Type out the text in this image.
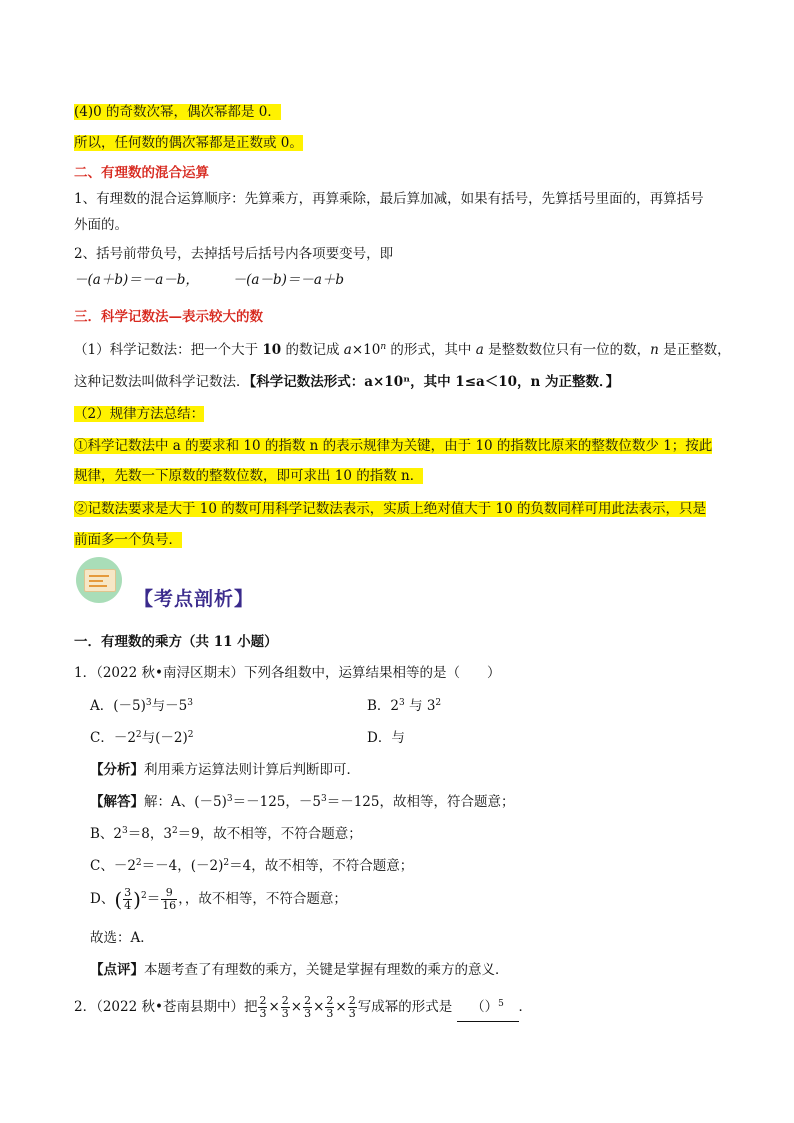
(4)0 的奇数次幂，偶次幂都是 0．
所以，任何数的偶次幂都是正数或 0。
二、有理数的混合运算
1、有理数的混合运算顺序：先算乘方，再算乘除，最后算加减，如果有括号，先算括号里面的，再算括号
外面的。
2、括号前带负号，去掉括号后括号内各项要变号，即
－(a＋b)＝－a－b，　　　－(a－b)＝－a＋b
三．科学记数法—表示较大的数
（1）科学记数法：把一个大于 10 的数记成 $a\times 10^n$ 的形式，其中 a 是整数数位只有一位的数，n 是正整数，
这种记数法叫做科学记数法．【科学记数法形式：a×10ⁿ，其中 1≤a＜10，n 为正整数．】
（2）规律方法总结：
①科学记数法中 a 的要求和 10 的指数 n 的表示规律为关键，由于 10 的指数比原来的整数位数少 1；按此
规律，先数一下原数的整数位数，即可求出 10 的指数 n．
②记数法要求是大于 10 的数可用科学记数法表示，实质上绝对值大于 10 的负数同样可用此法表示，只是
前面多一个负号．
【考点剖析】
一．有理数的乘方（共 11 小题）
1．（2022 秋•南浔区期末）下列各组数中，运算结果相等的是（　　）
A．$(-5)^3$与$-5^3$	B．$2^3$ 与 $3^2$
C．$-2^2$与$(-2)^2$	D．与
【分析】利用乘方运算法则计算后判断即可．
【解答】解：A、$(-5)^3=-125$，$-5^3=-125$，故相等，符合题意；
B、$2^3=8$，$3^2=9$，故不相等，不符合题意；
C、$-2^2=-4$，$(-2)^2=4$，故不相等，不符合题意；
D、( $\frac{3}{4} )^2= \frac{9}{16}$ ，，故不相等，不符合题意；
故选：A．
【点评】本题考查了有理数的乘方，关键是掌握有理数的乘方的意义．
2．（2022 秋•苍南县期中）把 $\frac{2}{3} \times \frac{2}{3} \times \frac{2}{3} \times \frac{2}{3} \times \frac{2}{3}$ 写成幂的形式是 （）$^5$ ．
